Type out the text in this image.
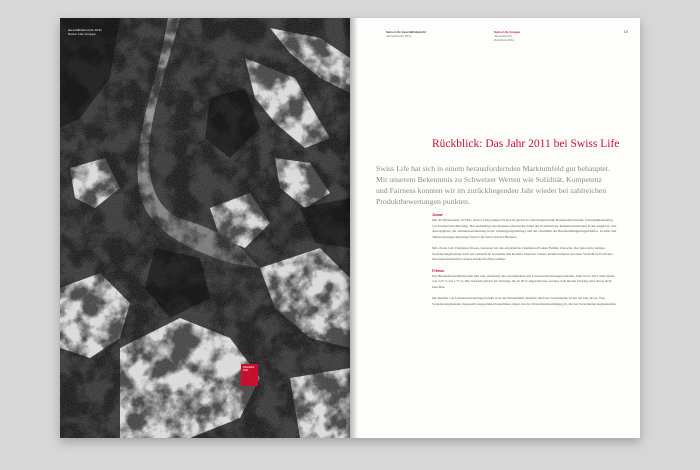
Geschäftsbericht 2011
Swiss Life Gruppe
Rückblick
2011
Swiss Life Geschäftsbericht
Jahresbericht 2011
Swiss Life Gruppe
Jahresbericht
Rückblick 2011
15
Rückblick: Das Jahr 2011 bei Swiss Life
Swiss Life hat sich in einem herausfordernden Marktumfeld gut behauptet. Mit unserem Bekenntnis zu Schweizer Werten wie Solidität, Kompetenz und Fairness konnten wir im zurückliegenden Jahr wieder bei zahlreichen Produktbewertungen punkten.
Januar

Mit der Nilsmasanin »FVPx« (Swiss Life) punktet Swiss Life gleich zu Jahresbeginn beim Bundesaufsichtsamt. Unternehmensrating von Produkt und Beratung. Das nachhaltige Analysehaus untersuchte dabei das Kriterium der Kundenorientierung in der Angebots- und Antragsphase, die »Kundenorientierung in der Leistungsregulierung« und die »Stabilität des Berufsunfähigkeitsgeschäfts«. In allen drei Teilbewertungen überzeugt Swiss Life Select mit der Bestnote.

Mit »Swiss Life Champion Invest« lancieren wir das erfolgreiche Champion-Produkt Familie Zuwachs. Das innovative Anlage-Versicherungskonzept setzt auf verlässliche Garantien und Rendite-Chancen. Unsere Kunden können aus einer Vielzahl an Portfolios mit unterschiedlichen Chance-Risiko-Profilen wählen.

Februar

Das Bundesfinanzministerium gibt eine Änderung des Garantiezinses für Lebensversicherungen bekannt. Zum 01.01.2012 sinkt dieser von 2,25 % auf 1,75 %. Die Garantie gilt nur für Verträge, die ab 2012 abgeschlossen werden. Alle älteren Verträge sind davon nicht betroffen.

Die Rendite von Lebensversicherungen bleibt trotz des Zinsumfelds attraktiv, denn der Garantiezins ist nur ein Teil davon. Was Versicherungskunden insgesamt ausgeschüttet bekommen, hängt von der Überschussbeteiligung ab, die den Versicherten zugutekommt.
